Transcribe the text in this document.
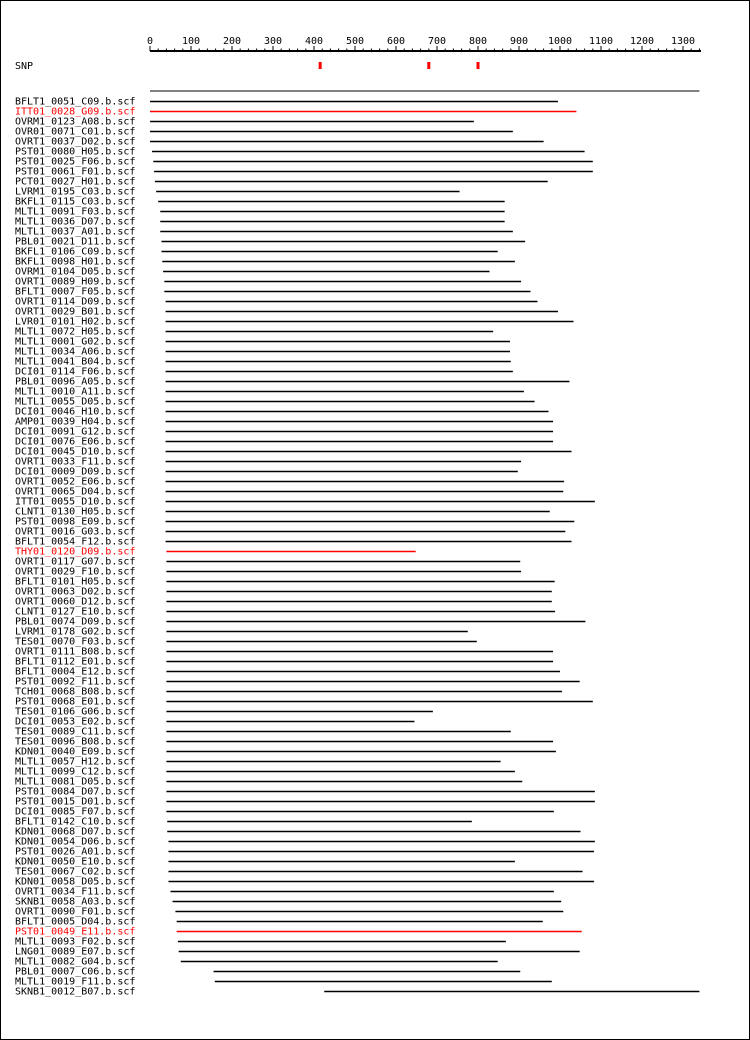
0	100 200 300 400 500 600 700 800 900 1000 1100 1200 1300
SNP
BFLT1_0051_C09.b.scf
ITT01_0028_G09.b.scf
OVRM1_0123_A08.b.scf
OVR01_0071_C01.b.scf
OVRT1_0037_D02.b.scf
PST01_0080_H05.b.scf
PST01_0025_F06.b.scf
PST01_0061_F01.b.scf
PCT01_0027_H01.b.scf
LVRM1_0195_C03.b.scf
BKFL1_0115_C03.b.scf
MLTL1_0091_F03.b.scf
MLTL1_0036_D07.b.scf
MLTL1_0037_A01.b.scf
PBL01_0021_D11.b.scf
BKFL1_0106_C09.b.scf
BKFL1_0098_H01.b.scf
OVRM1_0104_D05.b.scf
OVRT1_0089_H09.b.scf
BFLT1_0007_F05.b.scf
OVRT1_0114_D09.b.scf
OVRT1_0029_B01.b.scf
LVR01_0101_H02.b.scf
MLTL1_0072_H05.b.scf
MLTL1_0001_G02.b.scf
MLTL1_0034_A06.b.scf
MLTL1_0041_B04.b.scf
DCI01_0114_F06.b.scf
PBL01_0096_A05.b.scf
MLTL1_0010_A11.b.scf
MLTL1_0055_D05.b.scf
DCI01_0046_H10.b.scf
AMP01_0039_H04.b.scf
DCI01_0091_G12.b.scf
DCI01_0076_E06.b.scf
DCI01_0045_D10.b.scf
OVRT1_0033_F11.b.scf
DCI01_0009_D09.b.scf
OVRT1_0052_E06.b.scf
OVRT1_0065_D04.b.scf
ITT01_0055_D10.b.scf
CLNT1_0130_H05.b.scf
PST01_0098_E09.b.scf
OVRT1_0016_G03.b.scf
BFLT1_0054_F12.b.scf
THY01_0120_D09.b.scf
OVRT1_0117_G07.b.scf
OVRT1_0029_F10.b.scf
BFLT1_0101_H05.b.scf
OVRT1_0063_D02.b.scf
OVRT1_0060_D12.b.scf
CLNT1_0127_E10.b.scf
PBL01_0074_D09.b.scf
LVRM1_0178_G02.b.scf
TES01_0070_F03.b.scf
OVRT1_0111_B08.b.scf
BFLT1_0112_E01.b.scf
BFLT1_0004_E12.b.scf
PST01_0092_F11.b.scf
TCH01_0068_B08.b.scf
PST01_0068_E01.b.scf
TES01_0106_G06.b.scf
DCI01_0053_E02.b.scf
TES01_0089_C11.b.scf
TES01_0096_B08.b.scf
KDN01_0040_E09.b.scf
MLTL1_0057_H12.b.scf
MLTL1_0099_C12.b.scf
MLTL1_0081_D05.b.scf
PST01_0084_D07.b.scf
PST01_0015_D01.b.scf
DCI01_0085_F07.b.scf
BFLT1_0142_C10.b.scf
KDN01_0068_D07.b.scf
KDN01_0054_D06.b.scf
PST01_0026_A01.b.scf
KDN01_0050_E10.b.scf
TES01_0067_C02.b.scf
KDN01_0058_D05.b.scf
OVRT1_0034_F11.b.scf
SKNB1_0058_A03.b.scf
OVRT1_0090_F01.b.scf
BFLT1_0005_D04.b.scf
PST01_0049_E11.b.scf
MLTL1_0093_F02.b.scf
LNG01_0089_E07.b.scf
MLTL1_0082_G04.b.scf
PBL01_0007_C06.b.scf
MLTL1_0019_F11.b.scf
SKNB1_0012_B07.b.scf
